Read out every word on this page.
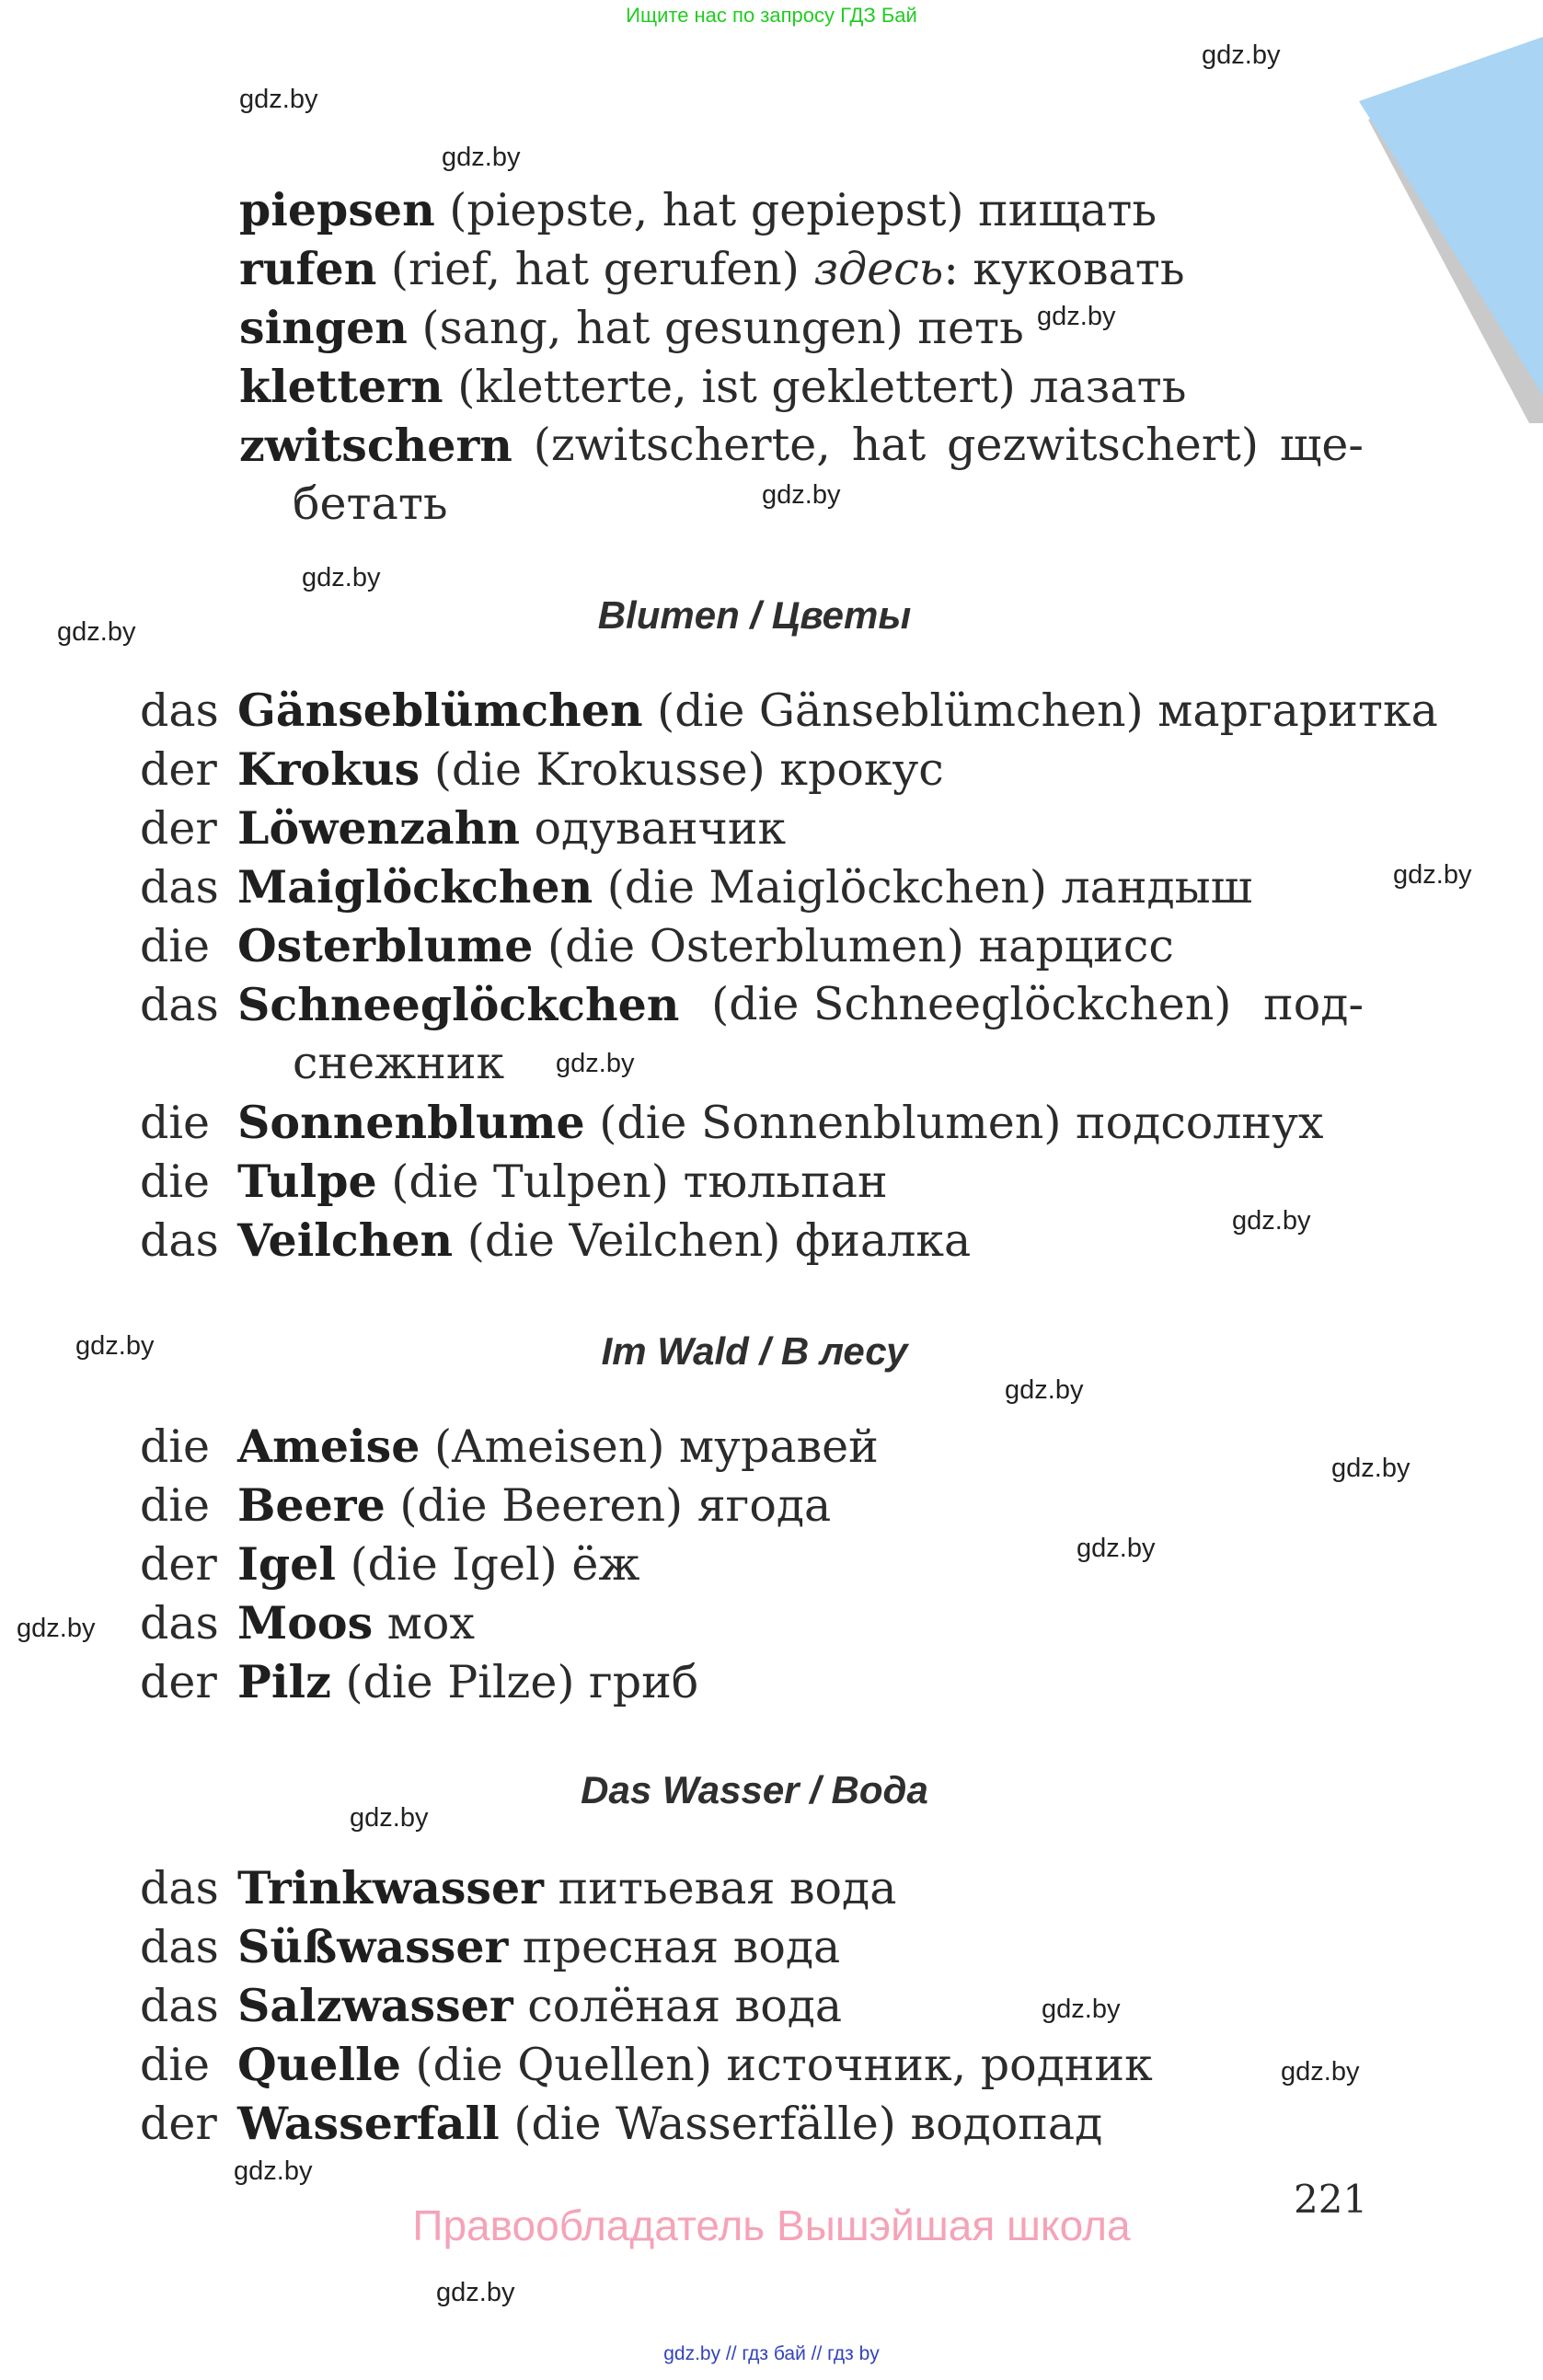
Ищите нас по запросу ГДЗ Бай
gdz.by
gdz.by
gdz.by
gdz.by
gdz.by
gdz.by
gdz.by
gdz.by
gdz.by
gdz.by
gdz.by
gdz.by
gdz.by
gdz.by
gdz.by
gdz.by
gdz.by
gdz.by
gdz.by
gdz.by
piepsen (piepste, hat gepiepst) пищать
rufen (rief, hat gerufen) здесь: куковать
singen (sang, hat gesungen) петь
klettern (kletterte, ist geklettert) лазать
zwitschern (zwitscherte, hat gezwitschert) ще-
бетать
Blumen / Цветы
das Gänseblümchen (die Gänseblümchen) маргаритка
der Krokus (die Krokusse) крокус
der Löwenzahn одуванчик
das Maiglöckchen (die Maiglöckchen) ландыш
die Osterblume (die Osterblumen) нарцисс
das Schneeglöckchen (die Schneeglöckchen) под-
снежник
die Sonnenblume (die Sonnenblumen) подсолнух
die Tulpe (die Tulpen) тюльпан
das Veilchen (die Veilchen) фиалка
Im Wald / В лесу
die Ameise (Ameisen) муравей
die Beere (die Beeren) ягода
der Igel (die Igel) ёж
das Moos мох
der Pilz (die Pilze) гриб
Das Wasser / Вода
das Trinkwasser питьевая вода
das Süßwasser пресная вода
das Salzwasser солёная вода
die Quelle (die Quellen) источник, родник
der Wasserfall (die Wasserfälle) водопад
221
Правообладатель Вышэйшая школа
gdz.by // гдз бай // гдз by
